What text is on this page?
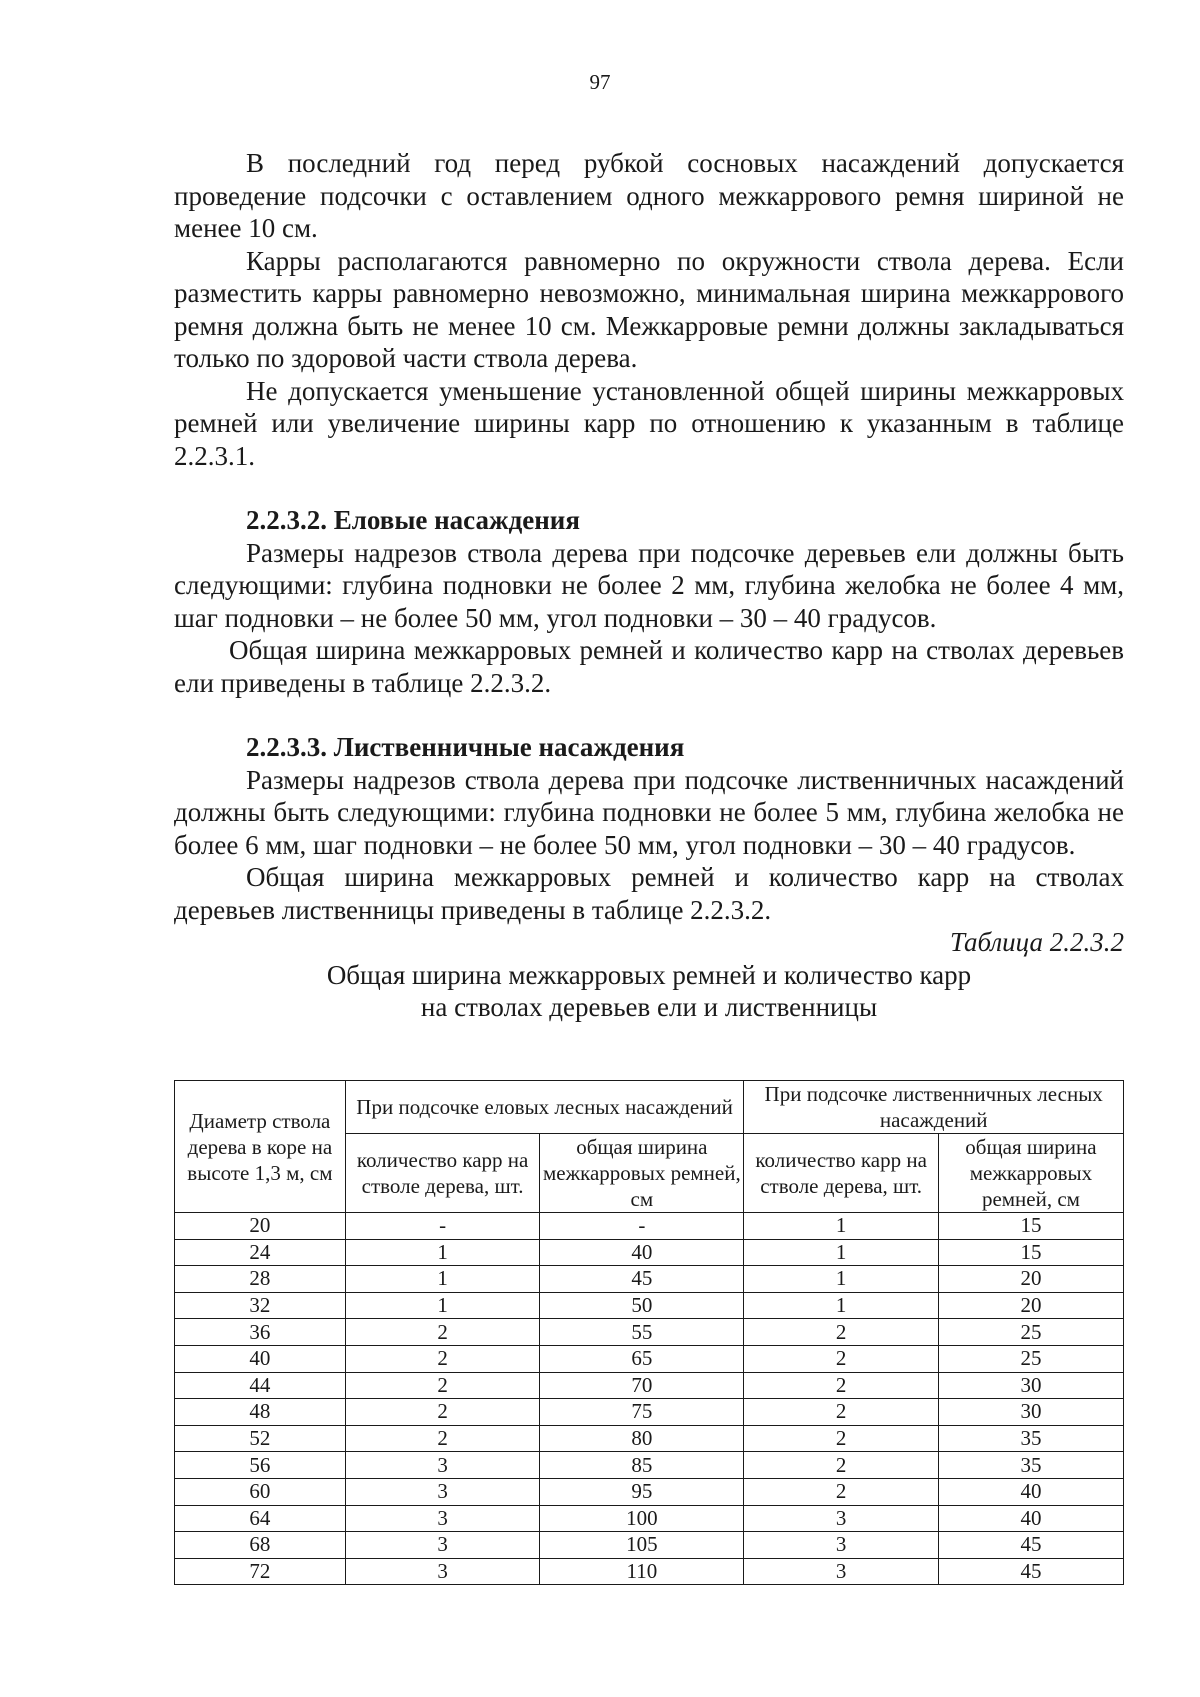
97

В последний год перед рубкой сосновых насаждений допускается проведение подсочки с оставлением одного межкаррового ремня шириной не менее 10 см.

Карры располагаются равномерно по окружности ствола дерева. Если разместить карры равномерно невозможно, минимальная ширина межкаррового ремня должна быть не менее 10 см. Межкарровые ремни должны закладываться только по здоровой части ствола дерева.

Не допускается уменьшение установленной общей ширины межкарровых ремней или увеличение ширины карр по отношению к указанным в таблице 2.2.3.1.

2.2.3.2. Еловые насаждения

Размеры надрезов ствола дерева при подсочке деревьев ели должны быть следующими: глубина подновки не более 2 мм, глубина желобка не более 4 мм, шаг подновки – не более 50 мм, угол подновки – 30 – 40 градусов.

Общая ширина межкарровых ремней и количество карр на стволах деревьев ели приведены в таблице 2.2.3.2.

2.2.3.3. Лиственничные насаждения

Размеры надрезов ствола дерева при подсочке лиственничных насаждений должны быть следующими: глубина подновки не более 5 мм, глубина желобка не более 6 мм, шаг подновки – не более 50 мм, угол подновки – 30 – 40 градусов.

Общая ширина межкарровых ремней и количество карр на стволах деревьев лиственницы приведены в таблице 2.2.3.2.

Таблица 2.2.3.2

Общая ширина межкарровых ремней и количество карр

на стволах деревьев ели и лиственницы

Диаметр ствола дерева в коре на высоте 1,3 м, см	При подсочке еловых лесных насаждений		При подсочке лиственничных лесных насаждений	
	количество карр на стволе дерева, шт.	общая ширина межкарровых ремней, см	количество карр на стволе дерева, шт.	общая ширина межкарровых ремней, см
20	-	-	1	15
24	1	40	1	15
28	1	45	1	20
32	1	50	1	20
36	2	55	2	25
40	2	65	2	25
44	2	70	2	30
48	2	75	2	30
52	2	80	2	35
56	3	85	2	35
60	3	95	2	40
64	3	100	3	40
68	3	105	3	45
72	3	110	3	45
